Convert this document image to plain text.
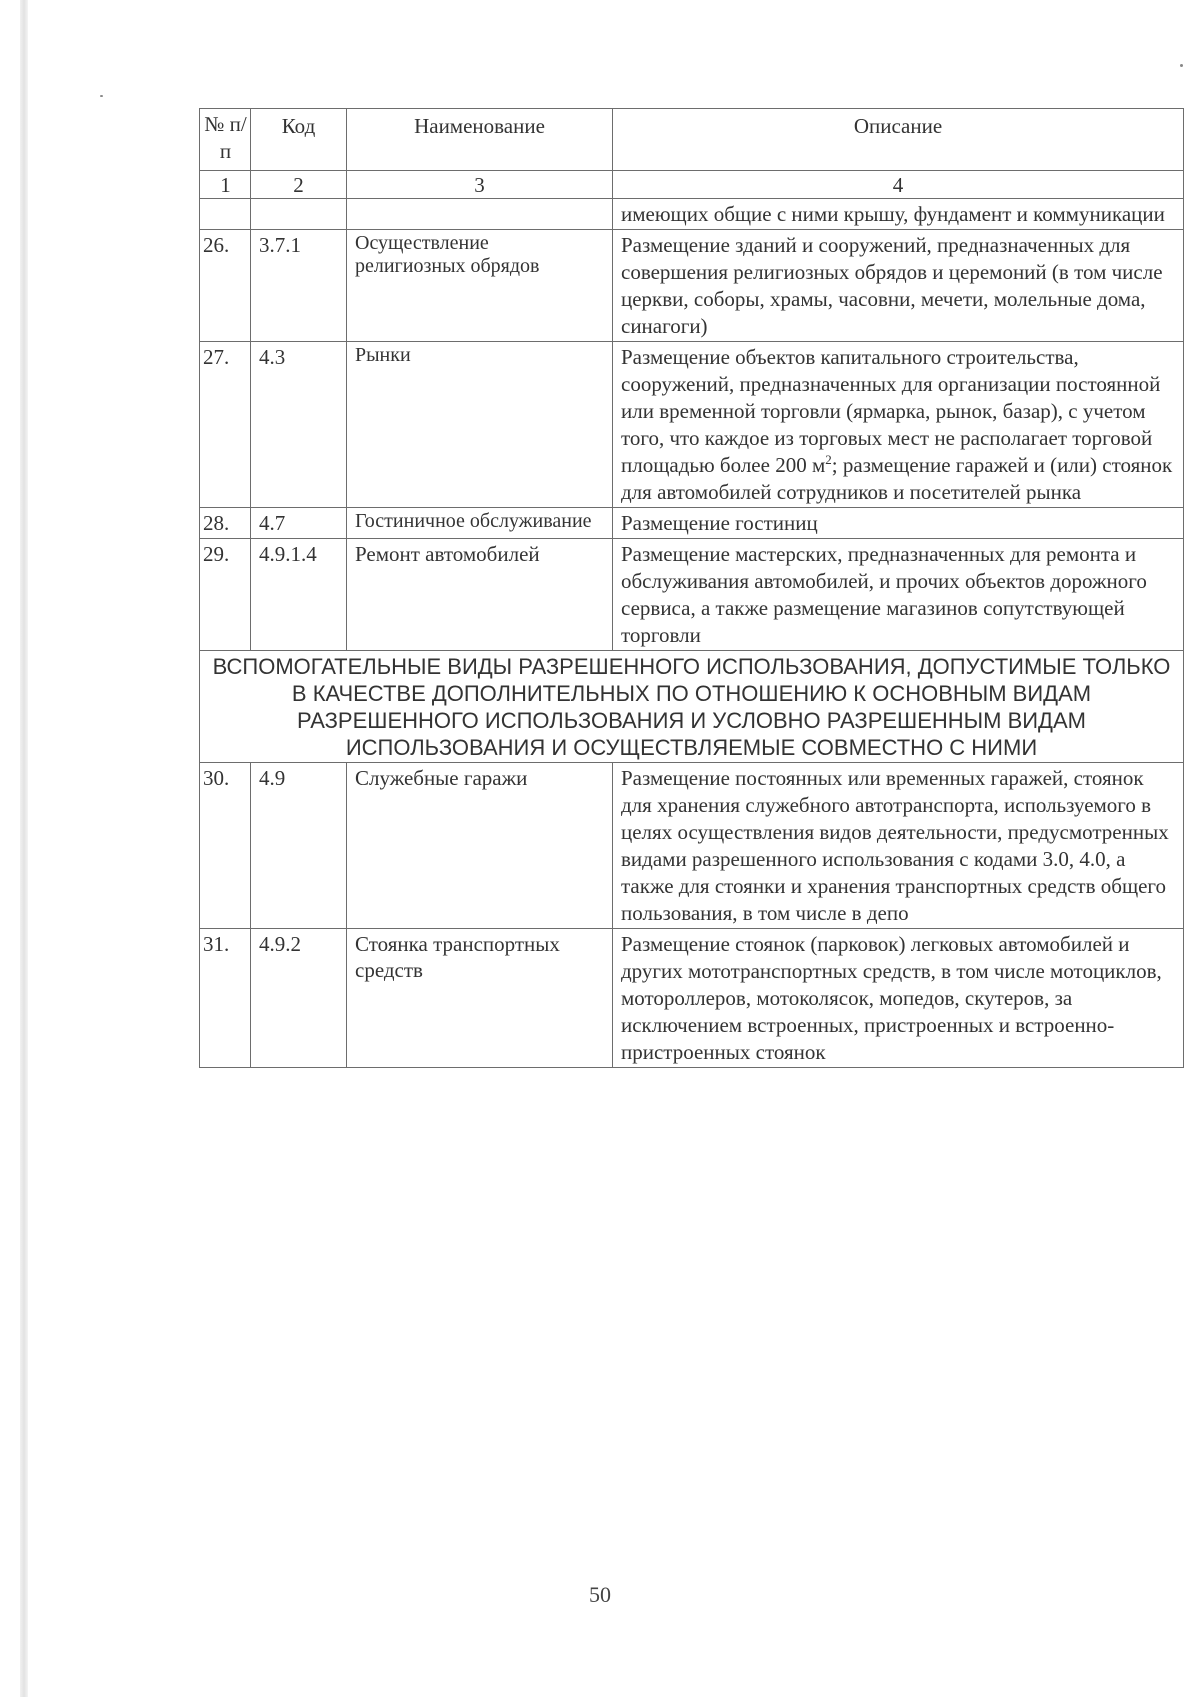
№ п/п	Код	Наименование	Описание
1	2	3	4
			имеющих общие с ними крышу, фундамент и коммуникации
26.	3.7.1	Осуществление религиозных обрядов	Размещение зданий и сооружений, предназначенных для совершения религиозных обрядов и церемоний (в том числе церкви, соборы, храмы, часовни, мечети, молельные дома, синагоги)
27.	4.3	Рынки	Размещение объектов капитального строительства, сооружений, предназначенных для организации постоянной или временной торговли (ярмарка, рынок, базар), с учетом того, что каждое из торговых мест не располагает торговой площадью более 200 $м^2$; размещение гаражей и (или) стоянок для автомобилей сотрудников и посетителей рынка
28.	4.7	Гостиничное обслуживание	Размещение гостиниц
29.	4.9.1.4	Ремонт автомобилей	Размещение мастерских, предназначенных для ремонта и обслуживания автомобилей, и прочих объектов дорожного сервиса, а также размещение магазинов сопутствующей торговли
ВСПОМОГАТЕЛЬНЫЕ ВИДЫ РАЗРЕШЕННОГО ИСПОЛЬЗОВАНИЯ, ДОПУСТИМЫЕ ТОЛЬКО В КАЧЕСТВЕ ДОПОЛНИТЕЛЬНЫХ ПО ОТНОШЕНИЮ К ОСНОВНЫМ ВИДАМ РАЗРЕШЕННОГО ИСПОЛЬЗОВАНИЯ И УСЛОВНО РАЗРЕШЕННЫМ ВИДАМ ИСПОЛЬЗОВАНИЯ И ОСУЩЕСТВЛЯЕМЫЕ СОВМЕСТНО С НИМИ			
30.	4.9	Служебные гаражи	Размещение постоянных или временных гаражей, стоянок для хранения служебного автотранспорта, используемого в целях осуществления видов деятельности, предусмотренных видами разрешенного использования с кодами 3.0, 4.0, а также для стоянки и хранения транспортных средств общего пользования, в том числе в депо
31.	4.9.2	Стоянка транспортных средств	Размещение стоянок (парковок) легковых автомобилей и других мототранспортных средств, в том числе мотоциклов, мотороллеров, мотоколясок, мопедов, скутеров, за исключением встроенных, пристроенных и встроенно-пристроенных стоянок
50
